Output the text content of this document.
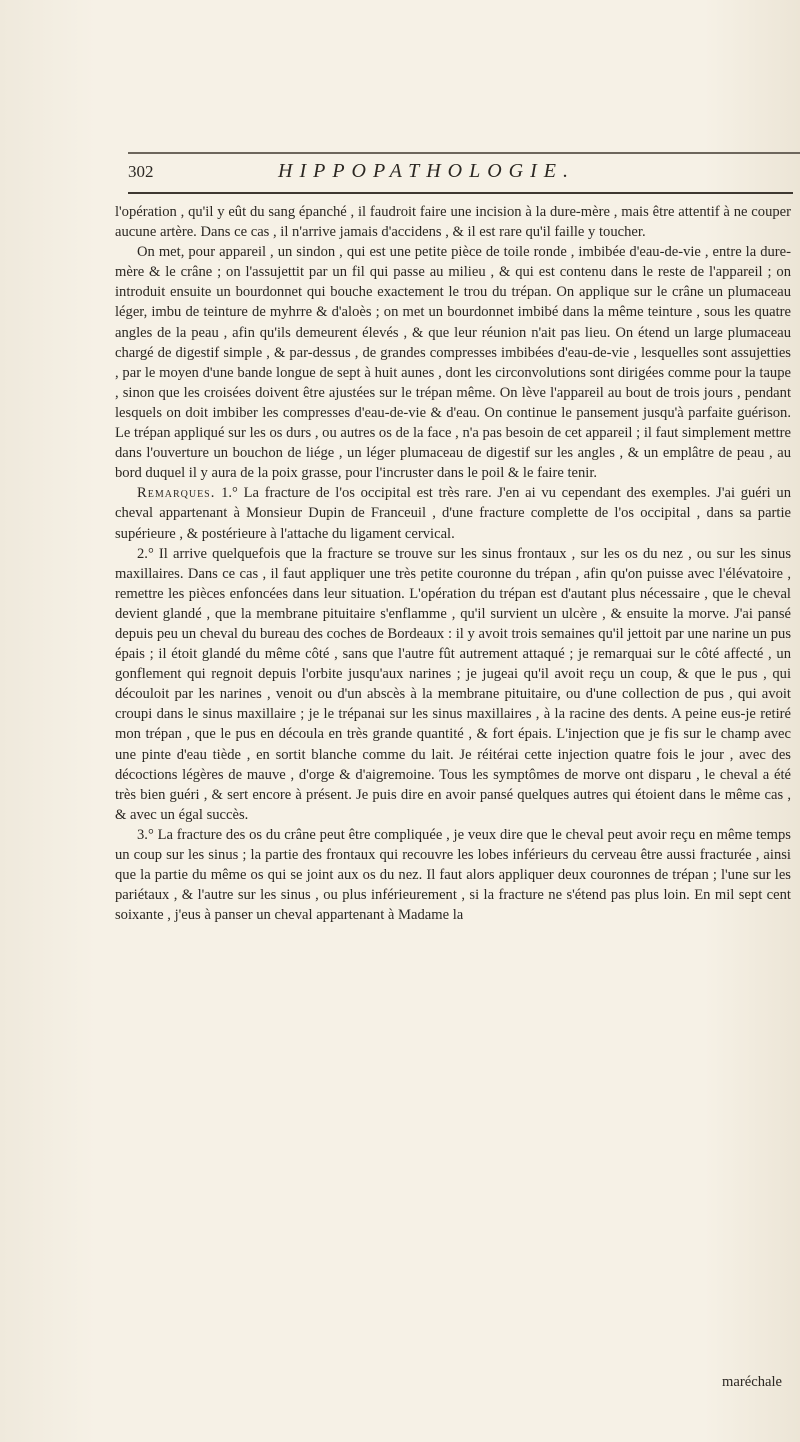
302	HIPPOPATHOLOGIE.

l'opération , qu'il y eût du sang épanché , il faudroit faire une incision à la dure-mère , mais être attentif à ne couper aucune artère. Dans ce cas , il n'arrive jamais d'accidens , & il est rare qu'il faille y toucher.

On met, pour appareil , un sindon , qui est une petite pièce de toile ronde , imbibée d'eau-de-vie , entre la dure-mère & le crâne ; on l'assujettit par un fil qui passe au milieu , & qui est contenu dans le reste de l'appareil ; on introduit ensuite un bourdonnet qui bouche exactement le trou du trépan. On applique sur le crâne un plumaceau léger, imbu de teinture de myhrre & d'aloès ; on met un bourdonnet imbibé dans la même teinture , sous les quatre angles de la peau , afin qu'ils demeurent élevés , & que leur réunion n'ait pas lieu. On étend un large plumaceau chargé de digestif simple , & par-dessus , de grandes compresses imbibées d'eau-de-vie , lesquelles sont assujetties , par le moyen d'une bande longue de sept à huit aunes , dont les circonvolutions sont dirigées comme pour la taupe , sinon que les croisées doivent être ajustées sur le trépan même. On lève l'appareil au bout de trois jours , pendant lesquels on doit imbiber les compresses d'eau-de-vie & d'eau. On continue le pansement jusqu'à parfaite guérison. Le trépan appliqué sur les os durs , ou autres os de la face , n'a pas besoin de cet appareil ; il faut simplement mettre dans l'ouverture un bouchon de liége , un léger plumaceau de digestif sur les angles , & un emplâtre de peau , au bord duquel il y aura de la poix grasse, pour l'incruster dans le poil & le faire tenir.

Remarques. 1.° La fracture de l'os occipital est très rare. J'en ai vu cependant des exemples. J'ai guéri un cheval appartenant à Monsieur Dupin de Franceuil , d'une fracture complette de l'os occipital , dans sa partie supérieure , & postérieure à l'attache du ligament cervical.

2.° Il arrive quelquefois que la fracture se trouve sur les sinus frontaux , sur les os du nez , ou sur les sinus maxillaires. Dans ce cas , il faut appliquer une très petite couronne du trépan , afin qu'on puisse avec l'élévatoire , remettre les pièces enfoncées dans leur situation. L'opération du trépan est d'autant plus nécessaire , que le cheval devient glandé , que la membrane pituitaire s'enflamme , qu'il survient un ulcère , & ensuite la morve. J'ai pansé depuis peu un cheval du bureau des coches de Bordeaux : il y avoit trois semaines qu'il jettoit par une narine un pus épais ; il étoit glandé du même côté , sans que l'autre fût autrement attaqué ; je remarquai sur le côté affecté , un gonflement qui regnoit depuis l'orbite jusqu'aux narines ; je jugeai qu'il avoit reçu un coup, & que le pus , qui découloit par les narines , venoit ou d'un abscès à la membrane pituitaire, ou d'une collection de pus , qui avoit croupi dans le sinus maxillaire ; je le trépanai sur les sinus maxillaires , à la racine des dents. A peine eus-je retiré mon trépan , que le pus en découla en très grande quantité , & fort épais. L'injection que je fis sur le champ avec une pinte d'eau tiède , en sortit blanche comme du lait. Je réitérai cette injection quatre fois le jour , avec des décoctions légères de mauve , d'orge & d'aigremoine. Tous les symptômes de morve ont disparu , le cheval a été très bien guéri , & sert encore à présent. Je puis dire en avoir pansé quelques autres qui étoient dans le même cas , & avec un égal succès.

3.° La fracture des os du crâne peut être compliquée , je veux dire que le cheval peut avoir reçu en même temps un coup sur les sinus ; la partie des frontaux qui recouvre les lobes inférieurs du cerveau être aussi fracturée , ainsi que la partie du même os qui se joint aux os du nez. Il faut alors appliquer deux couronnes de trépan ; l'une sur les pariétaux , & l'autre sur les sinus , ou plus inférieurement , si la fracture ne s'étend pas plus loin. En mil sept cent soixante , j'eus à panser un cheval appartenant à Madame la

maréchale
